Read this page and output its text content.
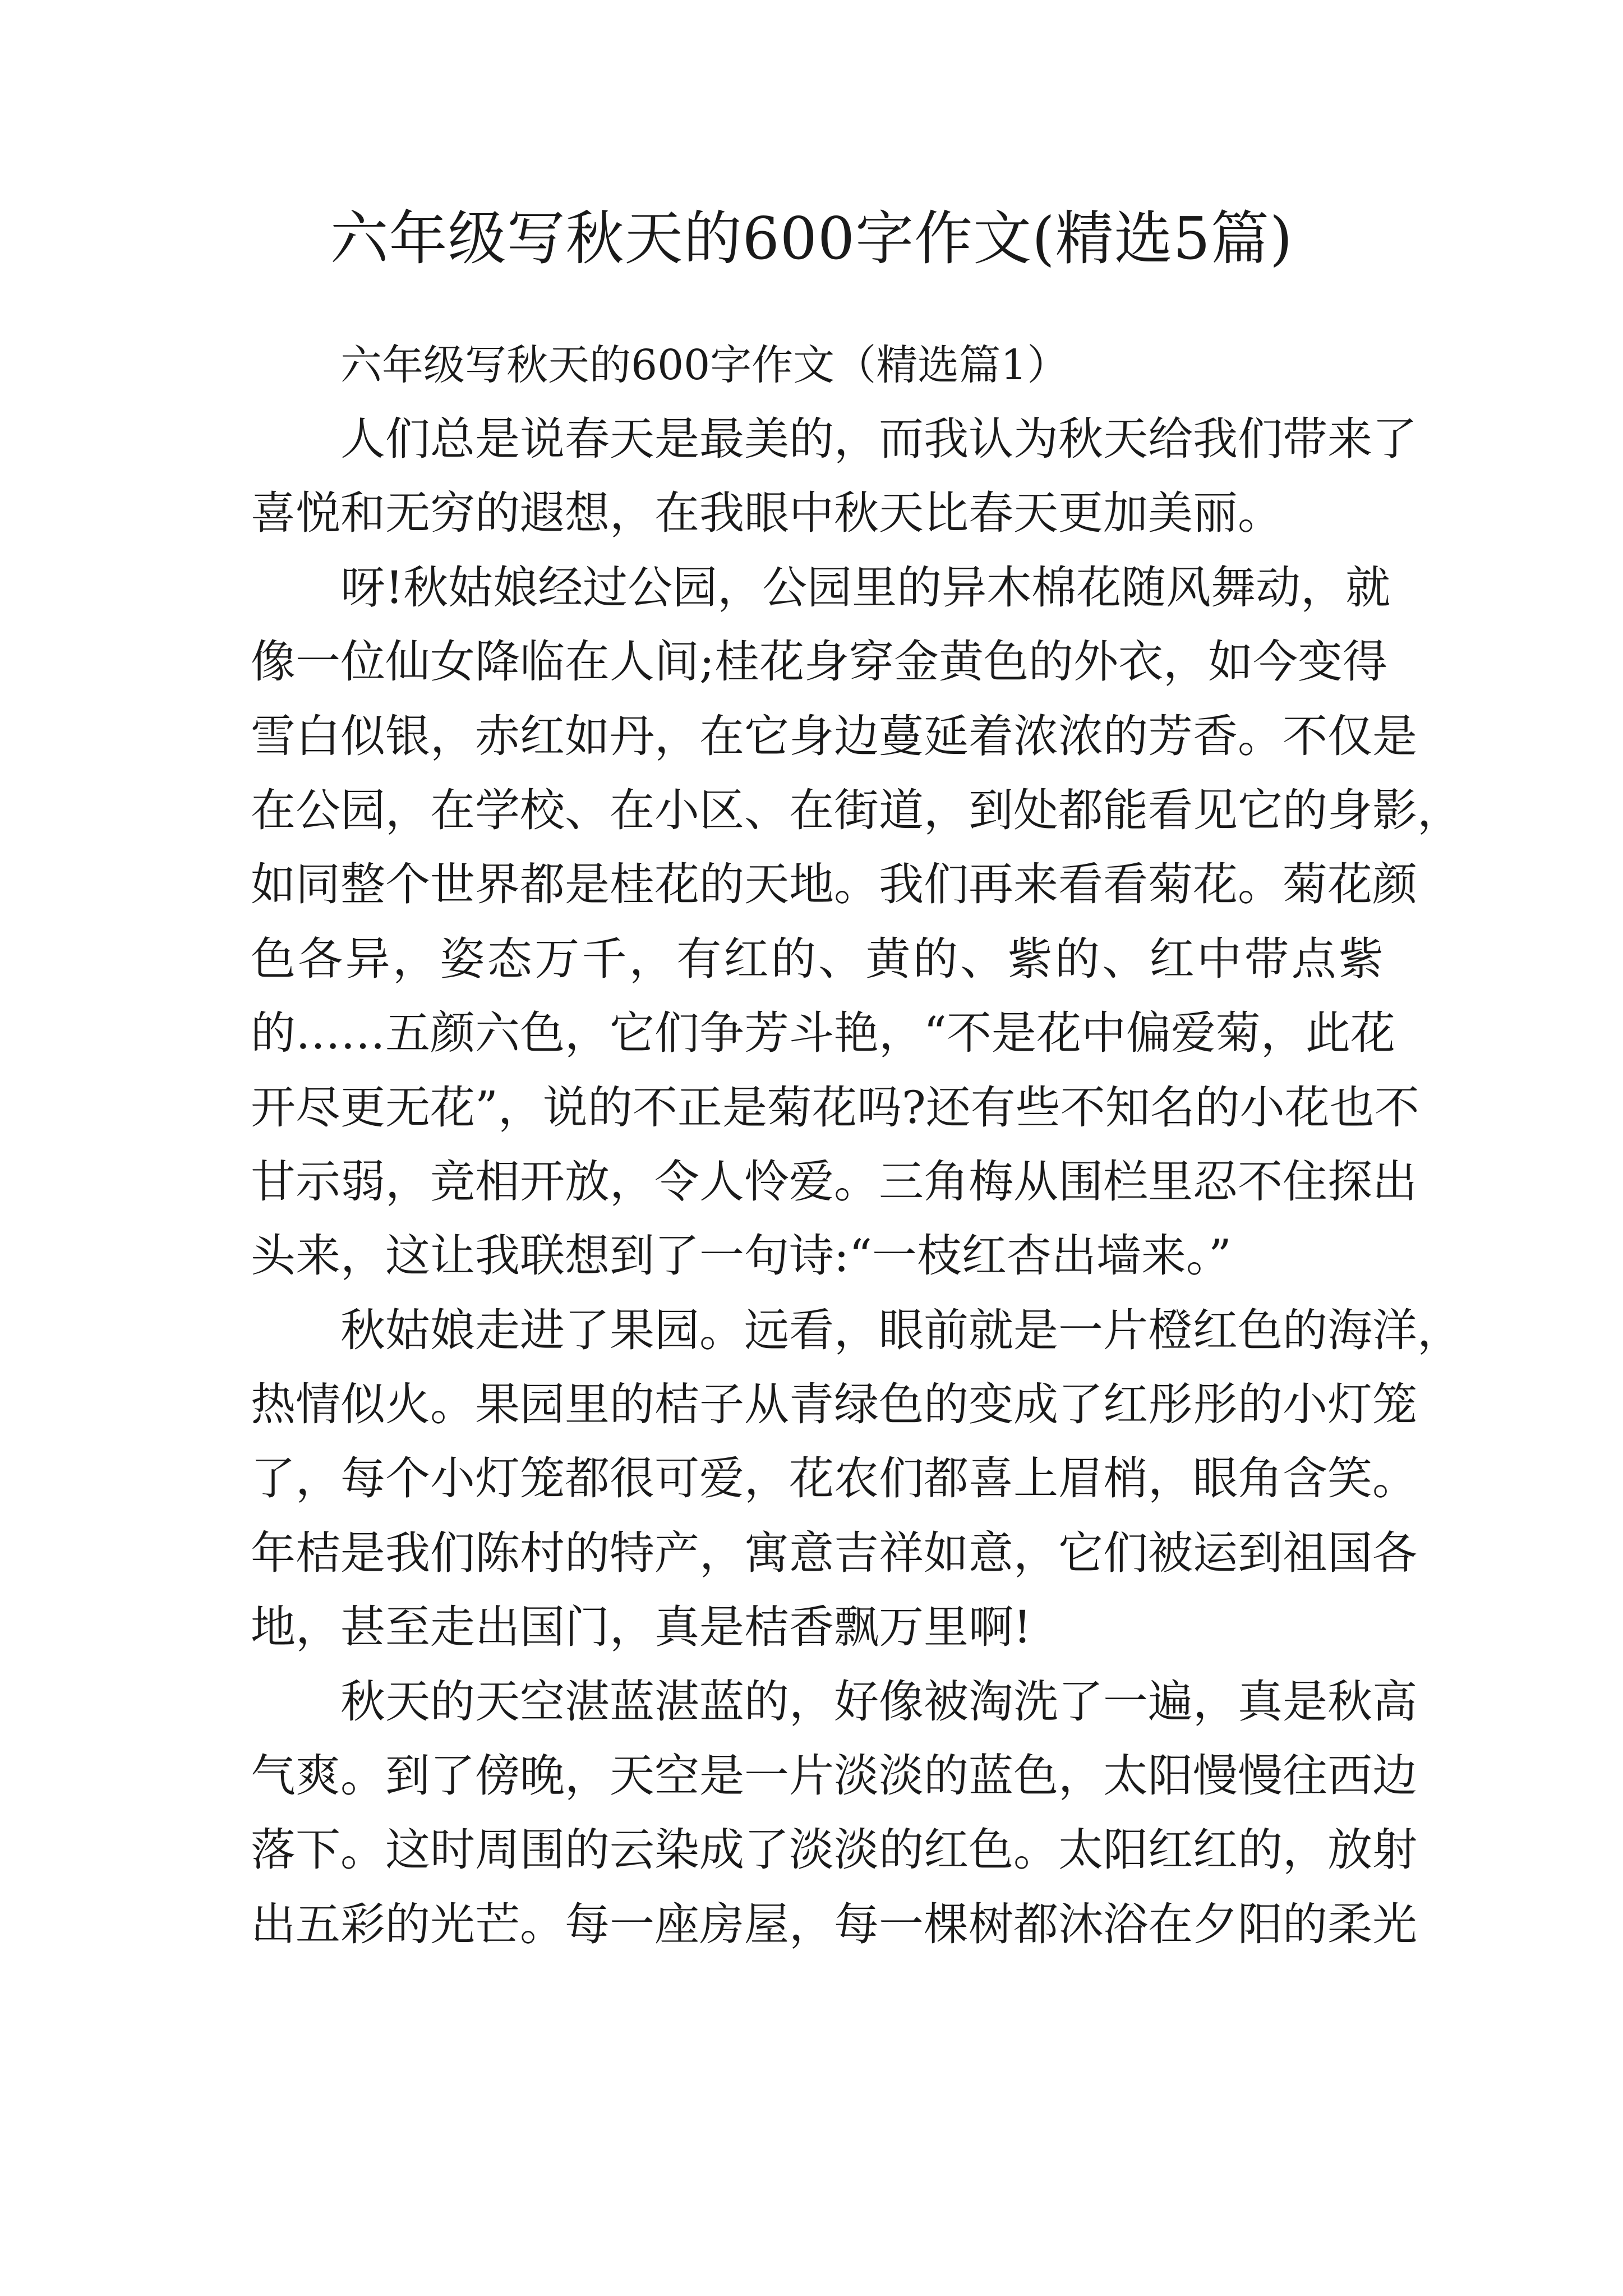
六年级写秋天的600字作文(精选5篇)

六年级写秋天的600字作文（精选篇1）

人们总是说春天是最美的，而我认为秋天给我们带来了
喜悦和无穷的遐想，在我眼中秋天比春天更加美丽。

呀!秋姑娘经过公园，公园里的异木棉花随风舞动，就
像一位仙女降临在人间;桂花身穿金黄色的外衣，如今变得
雪白似银，赤红如丹，在它身边蔓延着浓浓的芳香。不仅是
在公园，在学校、在小区、在街道，到处都能看见它的身影，
如同整个世界都是桂花的天地。我们再来看看菊花。菊花颜
色各异，姿态万千，有红的、黄的、紫的、红中带点紫
的……五颜六色，它们争芳斗艳，“不是花中偏爱菊，此花
开尽更无花”，说的不正是菊花吗?还有些不知名的小花也不
甘示弱，竞相开放，令人怜爱。三角梅从围栏里忍不住探出
头来，这让我联想到了一句诗:“一枝红杏出墙来。”

秋姑娘走进了果园。远看，眼前就是一片橙红色的海洋，
热情似火。果园里的桔子从青绿色的变成了红彤彤的小灯笼
了，每个小灯笼都很可爱，花农们都喜上眉梢，眼角含笑。
年桔是我们陈村的特产，寓意吉祥如意，它们被运到祖国各
地，甚至走出国门，真是桔香飘万里啊!

秋天的天空湛蓝湛蓝的，好像被淘洗了一遍，真是秋高
气爽。到了傍晚，天空是一片淡淡的蓝色，太阳慢慢往西边
落下。这时周围的云染成了淡淡的红色。太阳红红的，放射
出五彩的光芒。每一座房屋，每一棵树都沐浴在夕阳的柔光
